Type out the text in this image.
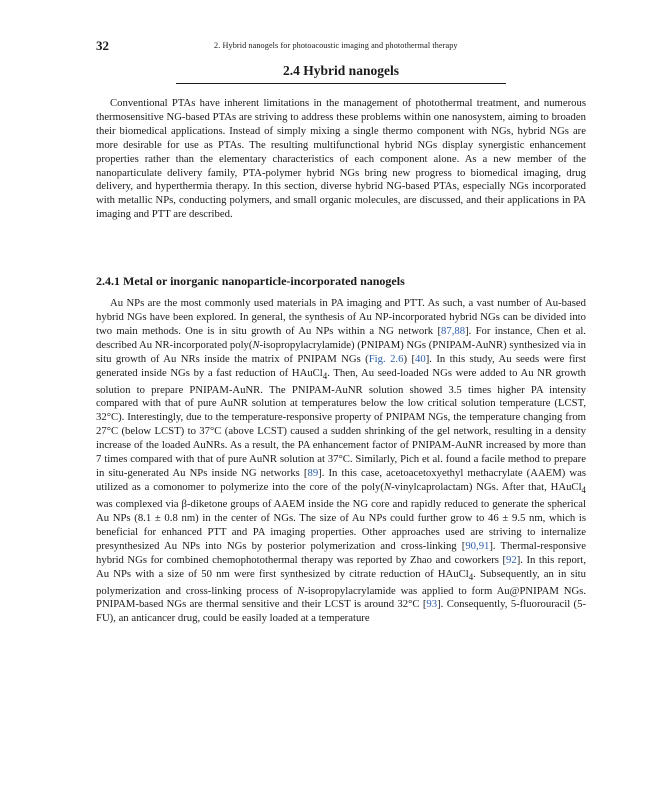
32	2. Hybrid nanogels for photoacoustic imaging and photothermal therapy
2.4 Hybrid nanogels

Conventional PTAs have inherent limitations in the management of photothermal treatment, and numerous thermosensitive NG-based PTAs are striving to address these problems within one nanosystem, aiming to broaden their biomedical applications. Instead of simply mixing a single thermo component with NGs, hybrid NGs are more desirable for use as PTAs. The resulting multifunctional hybrid NGs display synergistic enhancement properties rather than the elementary characteristics of each component alone. As a new member of the nanoparticulate delivery family, PTA-polymer hybrid NGs bring new progress to biomedical imaging, drug delivery, and hyperthermia therapy. In this section, diverse hybrid NG-based PTAs, especially NGs incorporated with metallic NPs, conducting polymers, and small organic molecules, are discussed, and their applications in PA imaging and PTT are described.

2.4.1 Metal or inorganic nanoparticle-incorporated nanogels

Au NPs are the most commonly used materials in PA imaging and PTT. As such, a vast number of Au-based hybrid NGs have been explored. In general, the synthesis of Au NP-incorporated hybrid NGs can be divided into two main methods. One is in situ growth of Au NPs within a NG network [87,88]. For instance, Chen et al. described Au NR-incorporated poly(N-isopropylacrylamide) (PNIPAM) NGs (PNIPAM-AuNR) synthesized via in situ growth of Au NRs inside the matrix of PNIPAM NGs (Fig. 2.6) [40]. In this study, Au seeds were first generated inside NGs by a fast reduction of HAuCl$_4$. Then, Au seed-loaded NGs were added to Au NR growth solution to prepare PNIPAM-AuNR. The PNIPAM-AuNR solution showed 3.5 times higher PA intensity compared with that of pure AuNR solution at temperatures below the low critical solution temperature (LCST, 32°C). Interestingly, due to the temperature-responsive property of PNIPAM NGs, the temperature changing from 27°C (below LCST) to 37°C (above LCST) caused a sudden shrinking of the gel network, resulting in a density increase of the loaded AuNRs. As a result, the PA enhancement factor of PNIPAM-AuNR increased by more than 7 times compared with that of pure AuNR solution at 37°C. Similarly, Pich et al. found a facile method to prepare in situ-generated Au NPs inside NG networks [89]. In this case, acetoacetoxyethyl methacrylate (AAEM) was utilized as a comonomer to polymerize into the core of the poly(N-vinylcaprolactam) NGs. After that, HAuCl$_4$ was complexed via β-diketone groups of AAEM inside the NG core and rapidly reduced to generate the spherical Au NPs (8.1 ± 0.8 nm) in the center of NGs. The size of Au NPs could further grow to 46 ± 9.5 nm, which is beneficial for enhanced PTT and PA imaging properties. Other approaches used are striving to internalize presynthesized Au NPs into NGs by posterior polymerization and cross-linking [90,91]. Thermal-responsive hybrid NGs for combined chemophotothermal therapy was reported by Zhao and coworkers [92]. In this report, Au NPs with a size of 50 nm were first synthesized by citrate reduction of HAuCl$_4$. Subsequently, an in situ polymerization and cross-linking process of N-isopropylacrylamide was applied to form Au@PNIPAM NGs. PNIPAM-based NGs are thermal sensitive and their LCST is around 32°C [93]. Consequently, 5-fluorouracil (5-FU), an anticancer drug, could be easily loaded at a temperature
